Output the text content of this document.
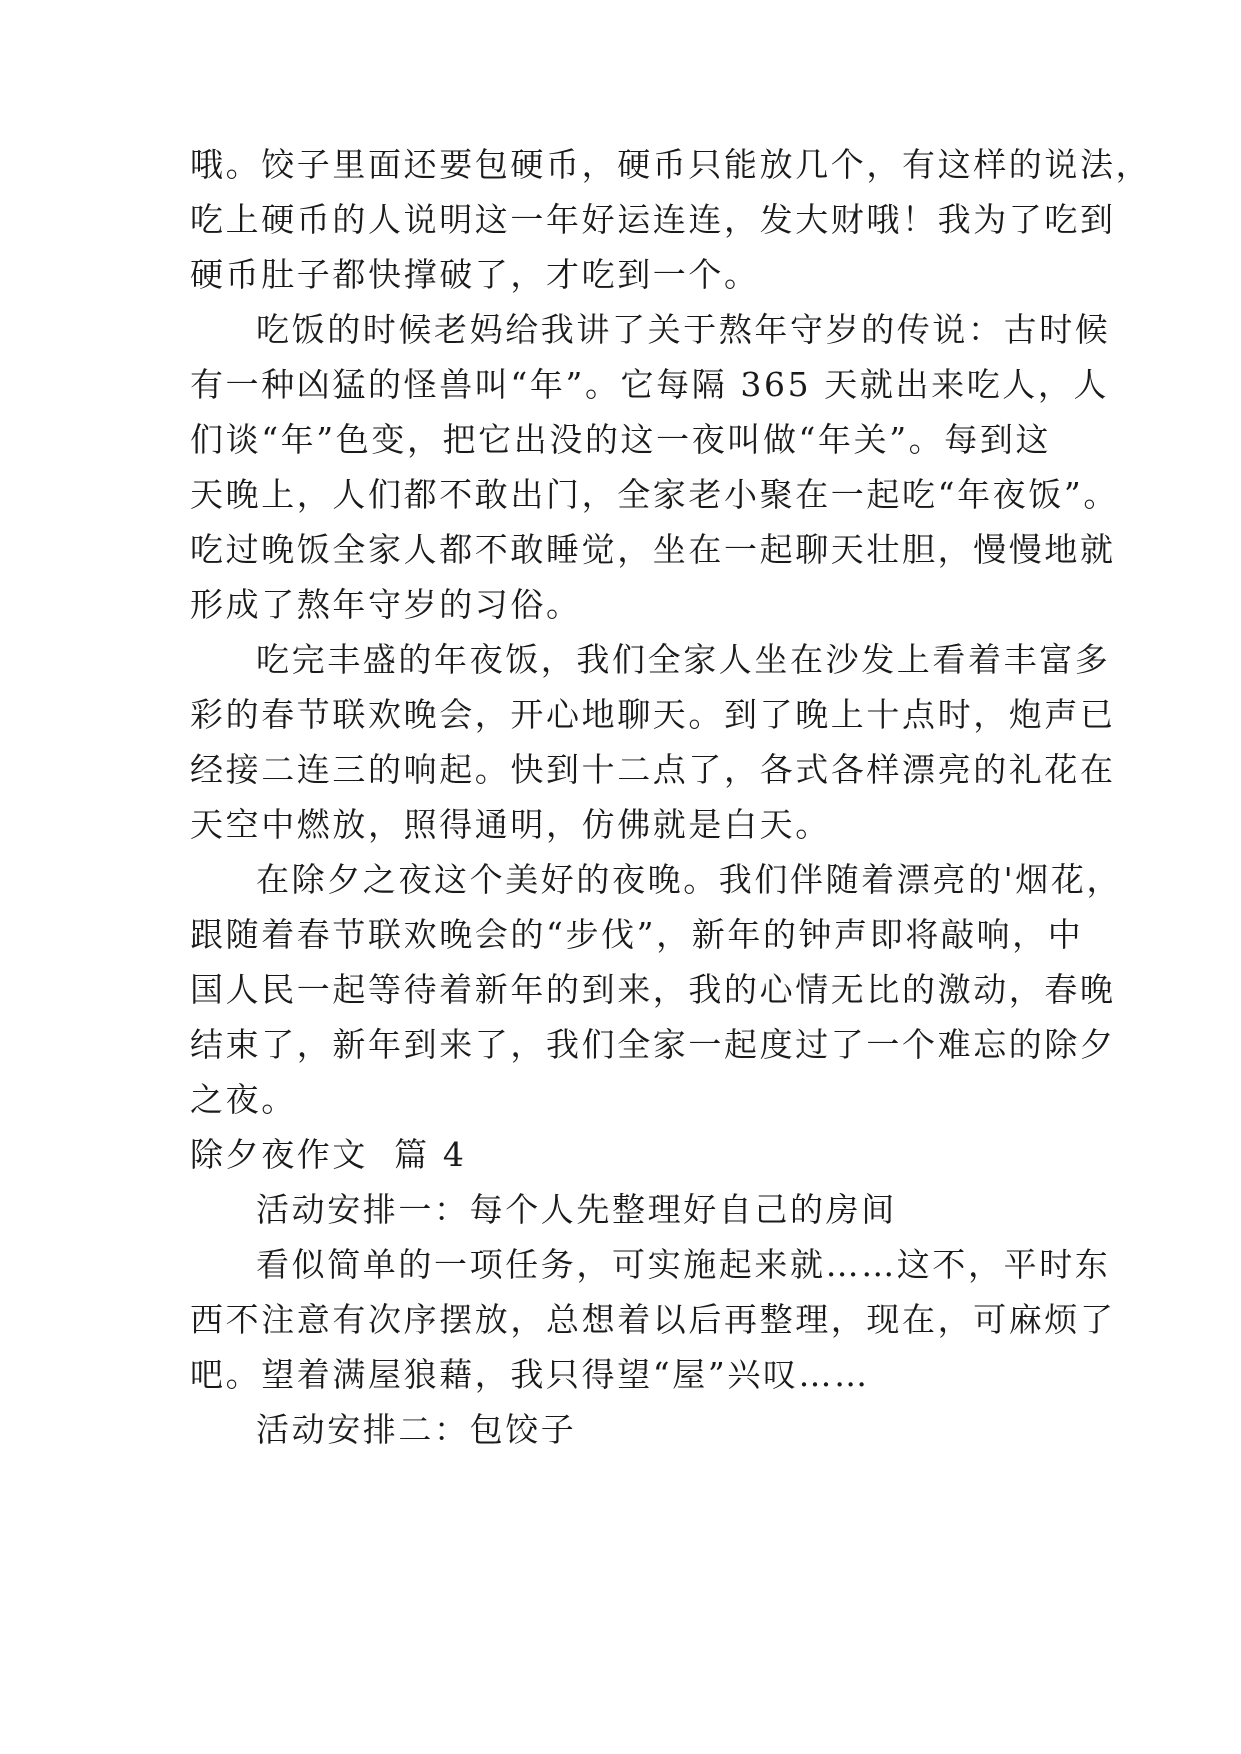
哦。饺子里面还要包硬币，硬币只能放几个，有这样的说法，
吃上硬币的人说明这一年好运连连，发大财哦！我为了吃到
硬币肚子都快撑破了，才吃到一个。
吃饭的时候老妈给我讲了关于熬年守岁的传说：古时候
有一种凶猛的怪兽叫“年”。它每隔 365 天就出来吃人，人
们谈“年”色变，把它出没的这一夜叫做“年关”。每到这
天晚上，人们都不敢出门，全家老小聚在一起吃“年夜饭”。
吃过晚饭全家人都不敢睡觉，坐在一起聊天壮胆，慢慢地就
形成了熬年守岁的习俗。
吃完丰盛的年夜饭，我们全家人坐在沙发上看着丰富多
彩的春节联欢晚会，开心地聊天。到了晚上十点时，炮声已
经接二连三的响起。快到十二点了，各式各样漂亮的礼花在
天空中燃放，照得通明，仿佛就是白天。
在除夕之夜这个美好的夜晚。我们伴随着漂亮的'烟花，
跟随着春节联欢晚会的“步伐”，新年的钟声即将敲响，中
国人民一起等待着新年的到来，我的心情无比的激动，春晚
结束了，新年到来了，我们全家一起度过了一个难忘的除夕
之夜。
除夕夜作文  篇 4
活动安排一：每个人先整理好自己的房间
看似简单的一项任务，可实施起来就……这不，平时东
西不注意有次序摆放，总想着以后再整理，现在，可麻烦了
吧。望着满屋狼藉，我只得望“屋”兴叹……
活动安排二：包饺子
